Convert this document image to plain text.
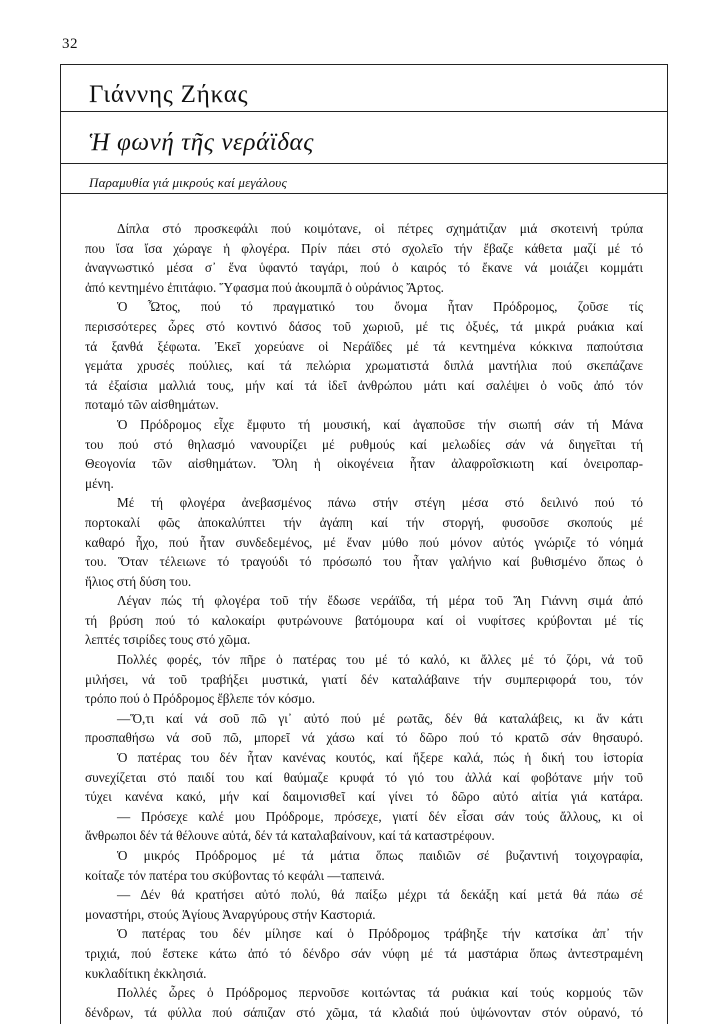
32
Γιάννης Ζήκας
Ἡ φωνή τῆς νεράϊδας
Παραμυθία γιά μικρούς καί μεγάλους
Δίπλα στό προσκεφάλι πού κοιμότανε, οἱ πέτρες σχημάτιζαν μιά σκοτεινή τρύπα
που ἴσα ἴσα χώραγε ἡ φλογέρα. Πρίν πάει στό σχολεῖο τήν ἔβαζε κάθετα μαζί μέ τό
ἀναγνωστικό μέσα σ᾿ ἕνα ὑφαντό ταγάρι, πού ὁ καιρός τό ἔκανε νά μοιάζει κομμάτι
ἀπό κεντημένο ἐπιτάφιο. Ὕφασμα πού ἀκουμπᾶ ὁ οὐράνιος Ἄρτος.
Ὁ Ὦτος, πού τό πραγματικό του ὄνομα ἦταν Πρόδρομος, ζοῦσε τίς
περισσότερες ὧρες στό κοντινό δάσος τοῦ χωριοῦ, μέ τις ὀξυές, τά μικρά ρυάκια καί
τά ξανθά ξέφωτα. Ἐκεῖ χορεύανε οἱ Νεράϊδες μέ τά κεντημένα κόκκινα παπούτσια
γεμάτα χρυσές πούλιες, καί τά πελώρια χρωματιστά διπλά μαντήλια πού σκεπάζανε
τά ἐξαίσια μαλλιά τους, μήν καί τά ἰδεῖ ἀνθρώπου μάτι καί σαλέψει ὁ νοῦς ἀπό τόν
ποταμό τῶν αἰσθημάτων.
Ὁ Πρόδρομος εἶχε ἔμφυτο τή μουσική, καί ἀγαποῦσε τήν σιωπή σάν τή Μάνα
του πού στό θηλασμό νανουρίζει μέ ρυθμούς καί μελωδίες σάν νά διηγεῖται τή
Θεογονία τῶν αἰσθημάτων. Ὅλη ἡ οἰκογένεια ἦταν ἀλαφροΐσκιωτη καί ὀνειροπαρ-
μένη.
Μέ τή φλογέρα ἀνεβασμένος πάνω στήν στέγη μέσα στό δειλινό πού τό
πορτοκαλί φῶς ἀποκαλύπτει τήν ἀγάπη καί τήν στοργή, φυσοῦσε σκοπούς μέ
καθαρό ἦχο, πού ἦταν συνδεδεμένος, μέ ἕναν μύθο πού μόνον αὐτός γνώριζε τό νόημά
του. Ὅταν τέλειωνε τό τραγούδι τό πρόσωπό του ἦταν γαλήνιο καί βυθισμένο ὅπως ὁ
ἥλιος στή δύση του.
Λέγαν πώς τή φλογέρα τοῦ τήν ἔδωσε νεράϊδα, τή μέρα τοῦ Ἅη Γιάννη σιμά ἀπό
τή βρύση πού τό καλοκαίρι φυτρώνουνε βατόμουρα καί οἱ νυφίτσες κρύβονται μέ τίς
λεπτές τσιρίδες τους στό χῶμα.
Πολλές φορές, τόν πῆρε ὁ πατέρας του μέ τό καλό, κι ἄλλες μέ τό ζόρι, νά τοῦ
μιλήσει, νά τοῦ τραβήξει μυστικά, γιατί δέν καταλάβαινε τήν συμπεριφορά του, τόν
τρόπο πού ὁ Πρόδρομος ἔβλεπε τόν κόσμο.
—Ὅ,τι καί νά σοῦ πῶ γι᾿ αὐτό πού μέ ρωτᾶς, δέν θά καταλάβεις, κι ἄν κάτι
προσπαθήσω νά σοῦ πῶ, μπορεῖ νά χάσω καί τό δῶρο πού τό κρατῶ σάν θησαυρό.
Ὁ πατέρας του δέν ἦταν κανένας κουτός, καί ἤξερε καλά, πώς ἡ δική του ἱστορία
συνεχίζεται στό παιδί του καί θαύμαζε κρυφά τό γιό του ἀλλά καί φοβότανε μήν τοῦ
τύχει κανένα κακό, μήν καί δαιμονισθεῖ καί γίνει τό δῶρο αὐτό αἰτία γιά κατάρα.
— Πρόσεχε καλέ μου Πρόδρομε, πρόσεχε, γιατί δέν εἶσαι σάν τούς ἄλλους, κι οἱ
ἄνθρωποι δέν τά θέλουνε αὐτά, δέν τά καταλαβαίνουν, καί τά καταστρέφουν.
Ὁ μικρός Πρόδρομος μέ τά μάτια ὅπως παιδιῶν σέ βυζαντινή τοιχογραφία,
κοίταζε τόν πατέρα του σκύβοντας τό κεφάλι —ταπεινά.
— Δέν θά κρατήσει αὐτό πολύ, θά παίξω μέχρι τά δεκάξη καί μετά θά πάω σέ
μοναστήρι, στούς Ἁγίους Ἀναργύρους στήν Καστοριά.
Ὁ πατέρας του δέν μίλησε καί ὁ Πρόδρομος τράβηξε τήν κατσίκα ἀπ᾿ τήν
τριχιά, πού ἔστεκε κάτω ἀπό τό δένδρο σάν νύφη μέ τά μαστάρια ὅπως ἀντεστραμένη
κυκλαδίτικη ἐκκλησιά.
Πολλές ὧρες ὁ Πρόδρομος περνοῦσε κοιτώντας τά ρυάκια καί τούς κορμούς τῶν
δένδρων, τά φύλλα πού σάπιζαν στό χῶμα, τά κλαδιά πού ὑψώνονταν στόν οὐρανό, τό
